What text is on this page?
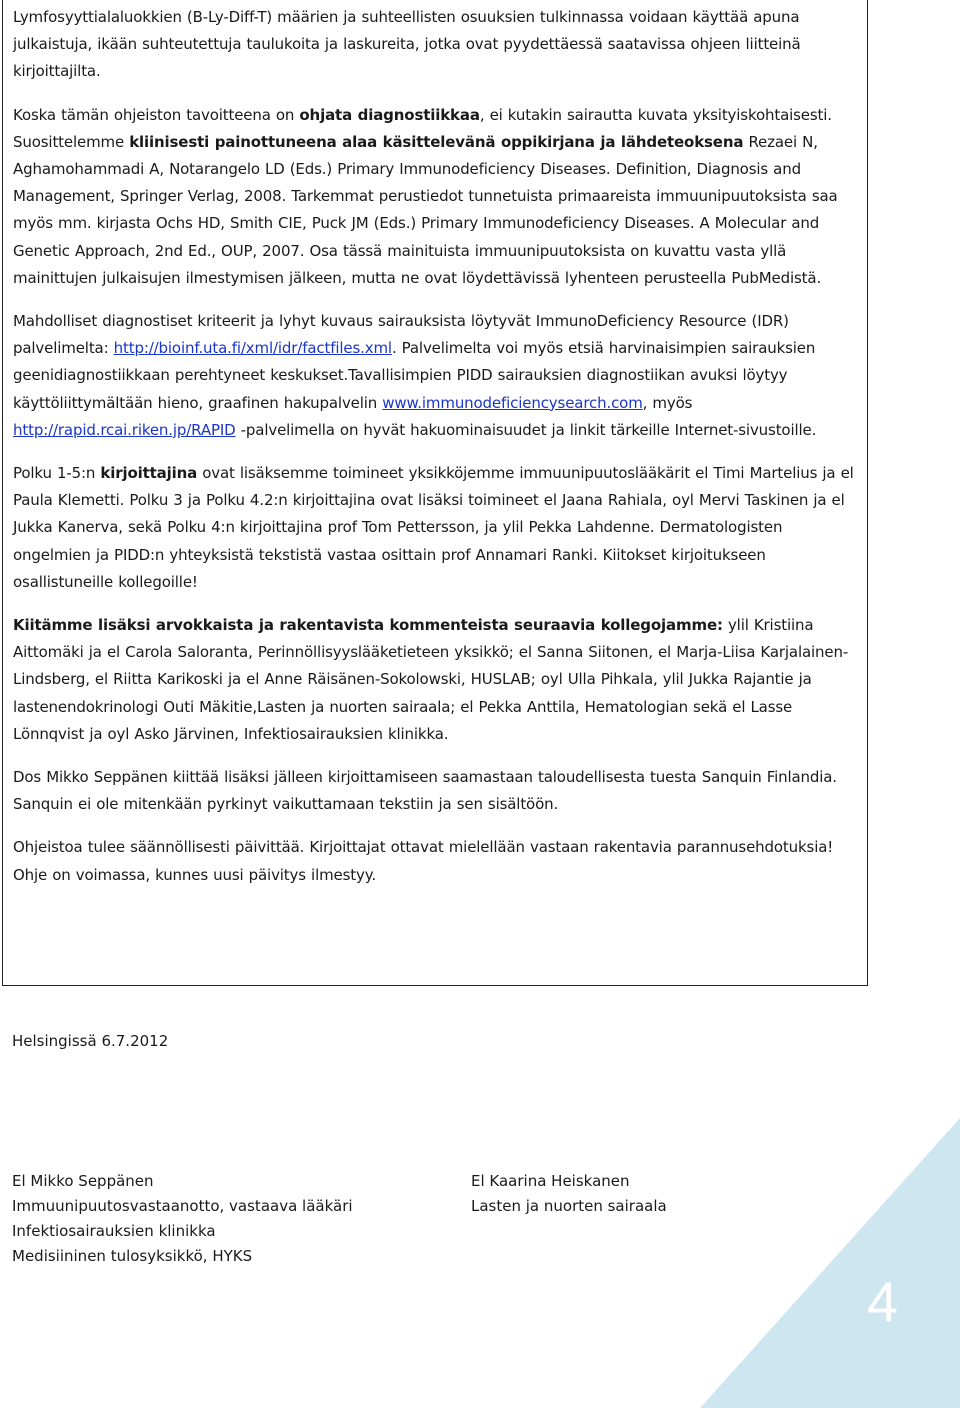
Lymfosyyttialaluokkien (B-Ly-Diff-T) määrien ja suhteellisten osuuksien tulkinnassa voidaan käyttää apuna julkaistuja, ikään suhteutettuja taulukoita ja laskureita, jotka ovat pyydettäessä saatavissa ohjeen liitteinä kirjoittajilta.

Koska tämän ohjeiston tavoitteena on ohjata diagnostiikkaa, ei kutakin sairautta kuvata yksityiskohtaisesti. Suosittelemme kliinisesti painottuneena alaa käsittelevänä oppikirjana ja lähdeteoksena Rezaei N, Aghamohammadi A, Notarangelo LD (Eds.) Primary Immunodeficiency Diseases. Definition, Diagnosis and Management, Springer Verlag, 2008. Tarkemmat perustiedot tunnetuista primaareista immuunipuutoksista saa myös mm. kirjasta Ochs HD, Smith CIE, Puck JM (Eds.) Primary Immunodeficiency Diseases. A Molecular and Genetic Approach, 2nd Ed., OUP, 2007. Osa tässä mainituista immuunipuutoksista on kuvattu vasta yllä mainittujen julkaisujen ilmestymisen jälkeen, mutta ne ovat löydettävissä lyhenteen perusteella PubMedistä.

Mahdolliset diagnostiset kriteerit ja lyhyt kuvaus sairauksista löytyvät ImmunoDeficiency Resource (IDR) palvelimelta: http://bioinf.uta.fi/xml/idr/factfiles.xml. Palvelimelta voi myös etsiä harvinaisimpien sairauksien geenidiagnostiikkaan perehtyneet keskukset.Tavallisimpien PIDD sairauksien diagnostiikan avuksi löytyy käyttöliittymältään hieno, graafinen hakupalvelin www.immunodeficiencysearch.com, myös http://rapid.rcai.riken.jp/RAPID -palvelimella on hyvät hakuominaisuudet ja linkit tärkeille Internet-sivustoille.

Polku 1-5:n kirjoittajina ovat lisäksemme toimineet yksikköjemme immuunipuutoslääkärit el Timi Martelius ja el Paula Klemetti. Polku 3 ja Polku 4.2:n kirjoittajina ovat lisäksi toimineet el Jaana Rahiala, oyl Mervi Taskinen ja el Jukka Kanerva, sekä Polku 4:n kirjoittajina prof Tom Pettersson, ja ylil Pekka Lahdenne. Dermatologisten ongelmien ja PIDD:n yhteyksistä tekstistä vastaa osittain prof Annamari Ranki. Kiitokset kirjoitukseen osallistuneille kollegoille!

Kiitämme lisäksi arvokkaista ja rakentavista kommenteista seuraavia kollegojamme: ylil Kristiina Aittomäki ja el Carola Saloranta, Perinnöllisyyslääketieteen yksikkö; el Sanna Siitonen, el Marja-Liisa Karjalainen-Lindsberg, el Riitta Karikoski ja el Anne Räisänen-Sokolowski, HUSLAB; oyl Ulla Pihkala, ylil Jukka Rajantie ja lastenendokrinologi Outi Mäkitie,Lasten ja nuorten sairaala; el Pekka Anttila, Hematologian sekä el Lasse Lönnqvist ja oyl Asko Järvinen, Infektiosairauksien klinikka.

Dos Mikko Seppänen kiittää lisäksi jälleen kirjoittamiseen saamastaan taloudellisesta tuesta Sanquin Finlandia. Sanquin ei ole mitenkään pyrkinyt vaikuttamaan tekstiin ja sen sisältöön.

Ohjeistoa tulee säännöllisesti päivittää. Kirjoittajat ottavat mielellään vastaan rakentavia parannusehdotuksia! Ohje on voimassa, kunnes uusi päivitys ilmestyy.

Helsingissä 6.7.2012
El Mikko Seppänen
Immuunipuutosvastaanotto, vastaava lääkäri
Infektiosairauksien klinikka
Medisiininen tulosyksikkö, HYKS
El Kaarina Heiskanen
Lasten ja nuorten sairaala
4
